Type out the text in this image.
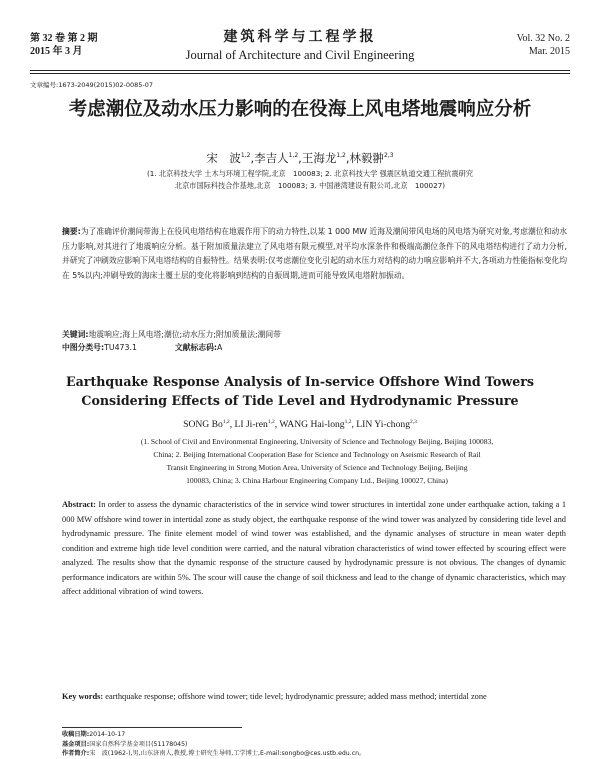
第 32 卷 第 2 期
2015 年 3 月
建筑科学与工程学报
Journal of Architecture and Civil Engineering
Vol. 32 No. 2
Mar. 2015
文章编号:1673-2049(2015)02-0085-07
考虑潮位及动水压力影响的在役海上风电塔地震响应分析
宋　波$^{1,2}$,李吉人$^{1,2}$,王海龙$^{1,2}$,林毅翀$^{2,3}$
(1. 北京科技大学 土木与环境工程学院,北京　100083; 2. 北京科技大学 强震区轨道交通工程抗震研究
北京市国际科技合作基地,北京　100083; 3. 中国港湾建设有限公司,北京　100027)
摘要:为了准确评价潮间带海上在役风电塔结构在地震作用下的动力特性,以某 1 000 MW 近海及潮间带风电场的风电塔为研究对象,考虑潮位和动水压力影响,对其进行了地震响应分析。基于附加质量法建立了风电塔有限元模型,对平均水深条件和极端高潮位条件下的风电塔结构进行了动力分析,并研究了冲刷效应影响下风电塔结构的自振特性。结果表明:仅考虑潮位变化引起的动水压力对结构的动力响应影响并不大,各项动力性能指标变化均在 5%以内;冲刷导致的海床土覆土层的变化将影响到结构的自振周期,进而可能导致风电塔附加振动。
关键词:地震响应;海上风电塔;潮位;动水压力;附加质量法;潮间带
中图分类号:TU473.1	文献标志码:A
Earthquake Response Analysis of In-service Offshore Wind Towers Considering Effects of Tide Level and Hydrodynamic Pressure
SONG Bo$^{1,2}$, LI Ji-ren$^{1,2}$, WANG Hai-long$^{1,2}$, LIN Yi-chong$^{2,3}$
(1. School of Civil and Environmental Engineering, University of Science and Technology Beijing, Beijing 100083,
China; 2. Beijing International Cooperation Base for Science and Technology on Aseismic Research of Rail
Transit Engineering in Strong Motion Area, University of Science and Technology Beijing, Beijing
100083, China; 3. China Harbour Engineering Company Ltd., Beijing 100027, China)
Abstract: In order to assess the dynamic characteristics of the in service wind tower structures in intertidal zone under earthquake action, taking a 1 000 MW offshore wind tower in intertidal zone as study object, the earthquake response of the wind tower was analyzed by considering tide level and hydrodynamic pressure. The finite element model of wind tower was established, and the dynamic analyses of structure in mean water depth condition and extreme high tide level condition were carried, and the natural vibration characteristics of wind tower effected by scouring effect were analyzed. The results show that the dynamic response of the structure caused by hydrodynamic pressure is not obvious. The changes of dynamic performance indicators are within 5%. The scour will cause the change of soil thickness and lead to the change of dynamic characteristics, which may affect additional vibration of wind towers.
Key words: earthquake response; offshore wind tower; tide level; hydrodynamic pressure; added mass method; intertidal zone
收稿日期:2014-10-17
基金项目:国家自然科学基金项目(51178045)
作者简介:宋　波(1962-),男,山东济南人,教授,博士研究生导师,工学博士,E-mail:songbo@ces.ustb.edu.cn。
